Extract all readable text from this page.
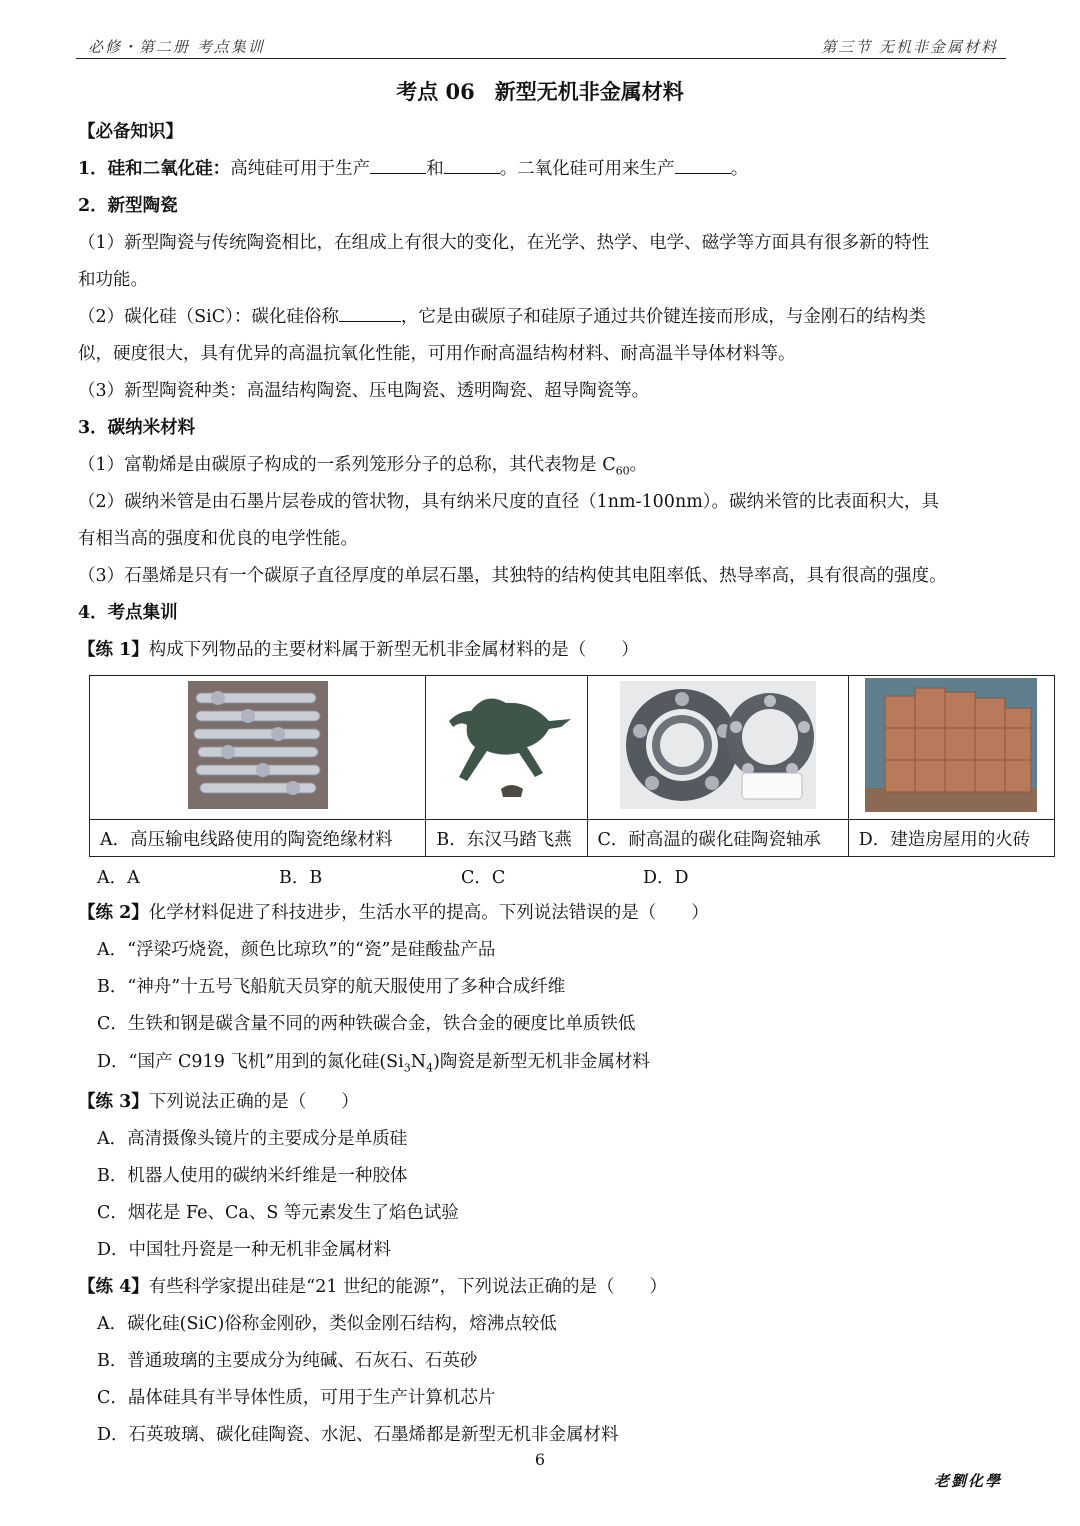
必修・第二册 考点集训	第三节 无机非金属材料
考点 06 新型无机非金属材料
【必备知识】
1．硅和二氧化硅：高纯硅可用于生产	和	。二氧化硅可用来生产	。
2．新型陶瓷
（1）新型陶瓷与传统陶瓷相比，在组成上有很大的变化，在光学、热学、电学、磁学等方面具有很多新的特性
和功能。
（2）碳化硅（SiC）：碳化硅俗称	，它是由碳原子和硅原子通过共价键连接而形成，与金刚石的结构类
似，硬度很大，具有优异的高温抗氧化性能，可用作耐高温结构材料、耐高温半导体材料等。
（3）新型陶瓷种类：高温结构陶瓷、压电陶瓷、透明陶瓷、超导陶瓷等。
3．碳纳米材料
（1）富勒烯是由碳原子构成的一系列笼形分子的总称，其代表物是 $C_{60}$。
（2）碳纳米管是由石墨片层卷成的管状物，具有纳米尺度的直径（1nm-100nm）。碳纳米管的比表面积大，具
有相当高的强度和优良的电学性能。
（3）石墨烯是只有一个碳原子直径厚度的单层石墨，其独特的结构使其电阻率低、热导率高，具有很高的强度。
4．考点集训
【练 1】构成下列物品的主要材料属于新型无机非金属材料的是（　　）

A．高压输电线路使用的陶瓷绝缘材料	B．东汉马踏飞燕	C．耐高温的碳化硅陶瓷轴承	D．建造房屋用的火砖
A．A	B．B	C．C	D．D
【练 2】化学材料促进了科技进步，生活水平的提高。下列说法错误的是（　　）
A．“浮梁巧烧瓷，颜色比琼玖”的“瓷”是硅酸盐产品
B．“神舟”十五号飞船航天员穿的航天服使用了多种合成纤维
C．生铁和钢是碳含量不同的两种铁碳合金，铁合金的硬度比单质铁低
D．“国产 C919 飞机”用到的氮化硅$(Si_3N_4)$陶瓷是新型无机非金属材料
【练 3】下列说法正确的是（　　）
A．高清摄像头镜片的主要成分是单质硅
B．机器人使用的碳纳米纤维是一种胶体
C．烟花是 Fe、Ca、S 等元素发生了焰色试验
D．中国牡丹瓷是一种无机非金属材料
【练 4】有些科学家提出硅是“21 世纪的能源”，下列说法正确的是（　　）
A．碳化硅(SiC)俗称金刚砂，类似金刚石结构，熔沸点较低
B．普通玻璃的主要成分为纯碱、石灰石、石英砂
C．晶体硅具有半导体性质，可用于生产计算机芯片
D．石英玻璃、碳化硅陶瓷、水泥、石墨烯都是新型无机非金属材料
6
老劉化學
